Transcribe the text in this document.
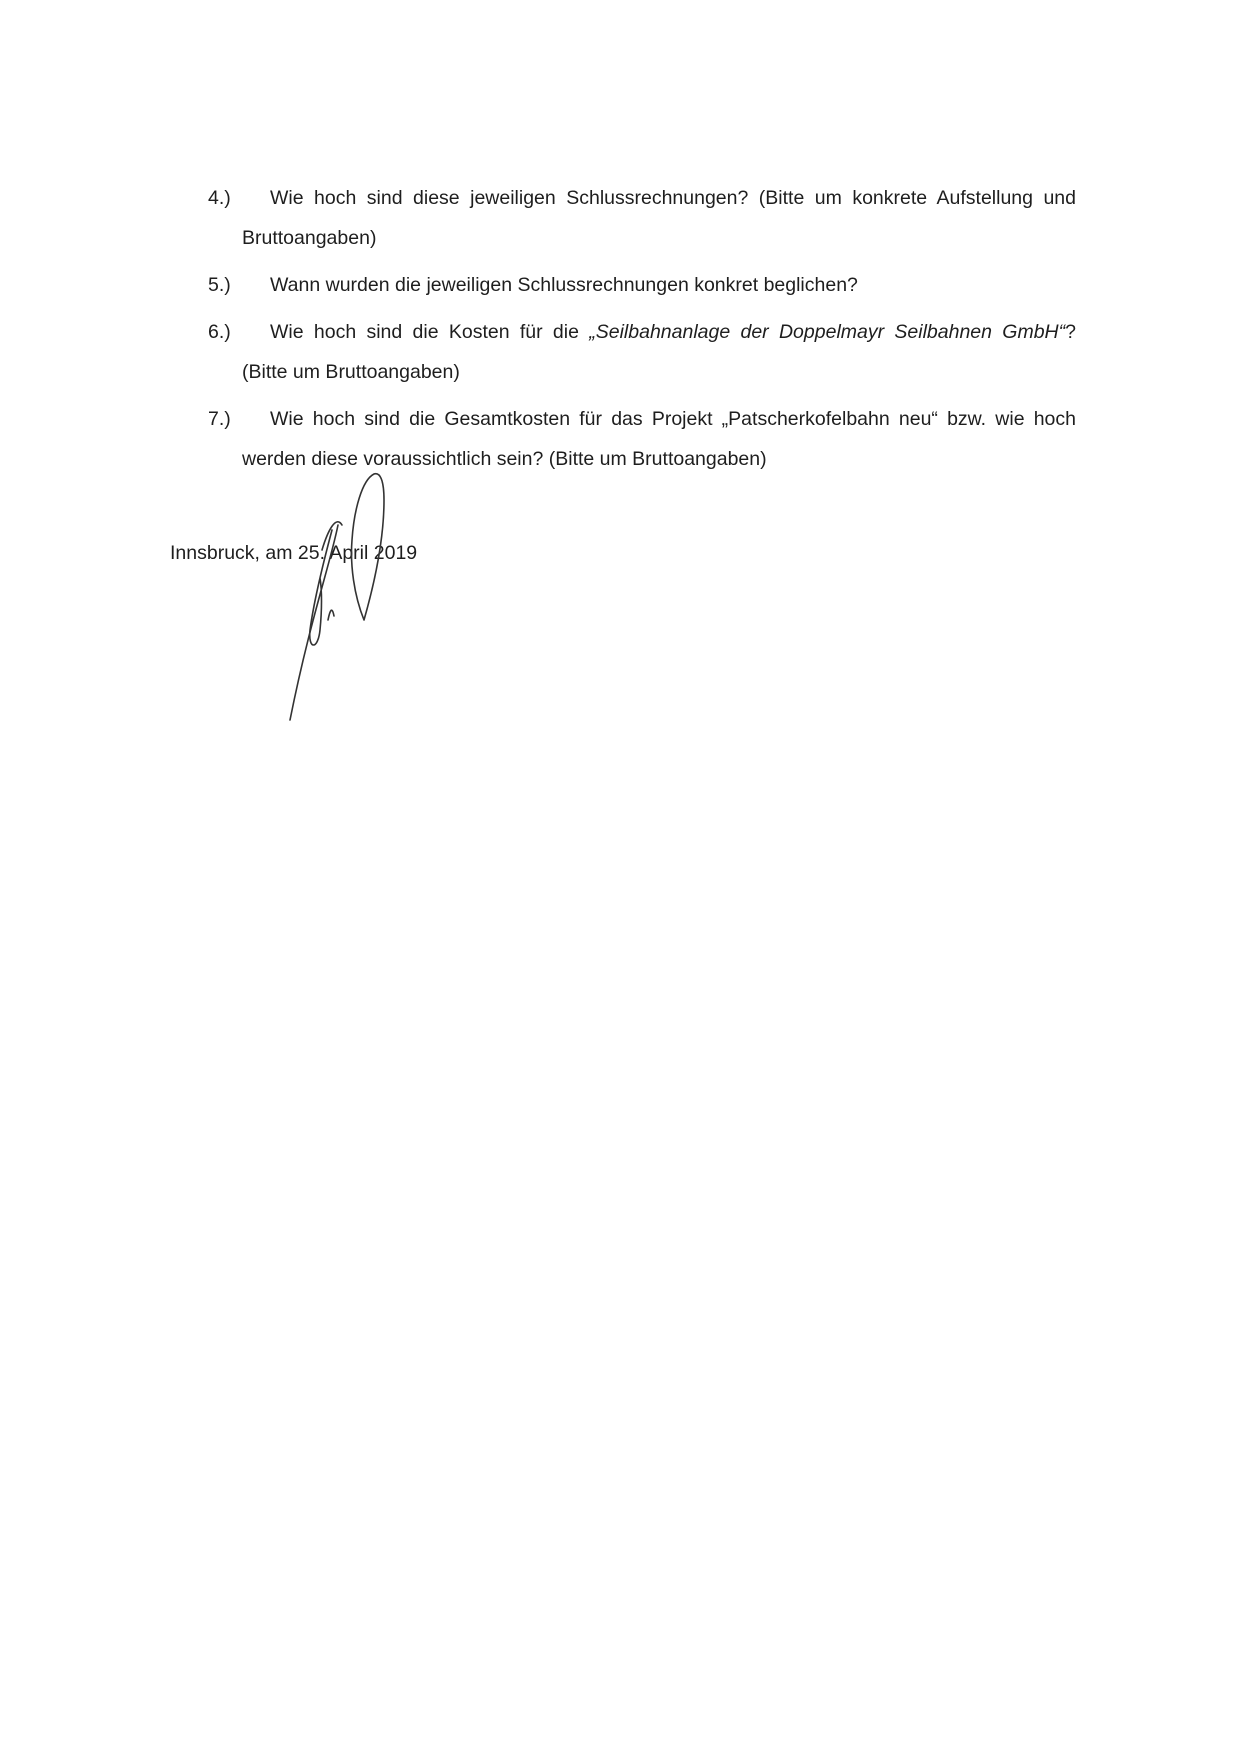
4.)	Wie hoch sind diese jeweiligen Schlussrechnungen? (Bitte um konkrete Aufstellung und
Bruttoangaben)
5.)	Wann wurden die jeweiligen Schlussrechnungen konkret beglichen?
6.)	Wie hoch sind die Kosten für die „Seilbahnanlage der Doppelmayr Seilbahnen GmbH“?
(Bitte um Bruttoangaben)
7.)	Wie hoch sind die Gesamtkosten für das Projekt „Patscherkofelbahn neu“ bzw. wie hoch
werden diese voraussichtlich sein? (Bitte um Bruttoangaben)
Innsbruck, am 25. April 2019
